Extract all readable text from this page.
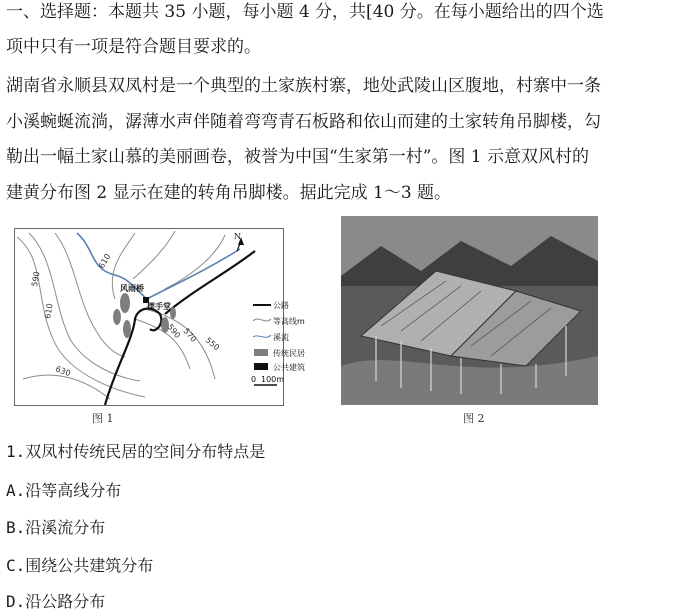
一、选择题：本题共 35 小题，每小题 4 分，共[40 分。在每小题给出的四个选
项中只有一项是符合题目要求的。
湖南省永顺县双凤村是一个典型的土家族村寨，地处武陵山区腹地，村寨中一条
小溪蜿蜒流淌，潺薄水声伴随着弯弯青石板路和依山而建的土家转角吊脚楼，勾
勒出一幅土家山慕的美丽画卷，被誉为中国“生家第一村”。图 1 示意双风村的
建黄分布图 2 显示在建的转角吊脚楼。据此完成 1～3 题。
N
590
610
610
590 570
550
630
风雨桥
摆手堂	公路
等高线m
溪流
传统民居
公共建筑
0 100m
图 1	图 2
1.双凤村传统民居的空间分布特点是
A.沿等高线分布
B.沿溪流分布
C.围绕公共建筑分布
D.沿公路分布
